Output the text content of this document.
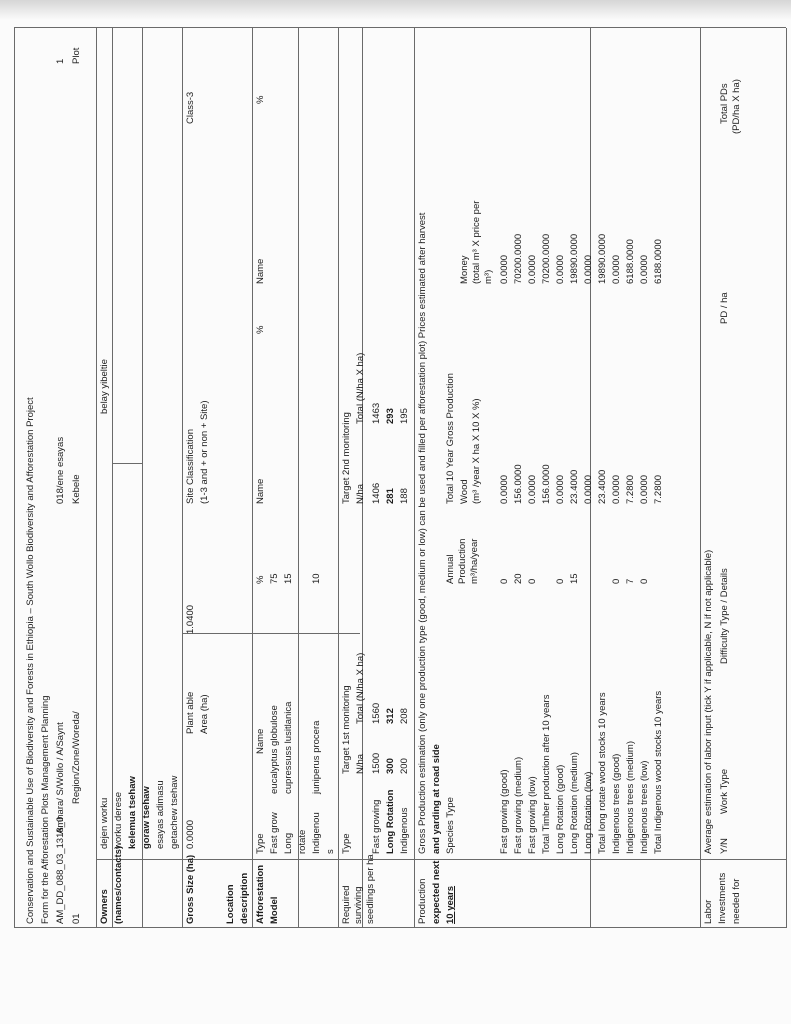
Conservation and Sustainable Use of Biodiversity and Forests in Ethiopia – South Wollo Biodiversity and Afforestation Project Form for the Afforestation Plots Management Planning AM_DD_088_03_1318_0
Amhara/ S/Wollo / A/Saynt
018/ene esayas
1
01
Region/Zone/Woreda/
Kebele
Plot
Owners (names/contacts)
dejen worku worku derese kelemua tsehaw goraw tsehaw esayas adimasu getachew tsehaw
belay yibeltie
Gross Size (ha)
0.0000
Plant able Area (ha)
1.0400
Site Classification (1-3 and + or non + Site)
Class-3
Location description Afforestation Model
Type
Name
%
Name
%
Name
%
Fast grow
eucalyptus globulose
75
Long
cupressuss lusitlanica
15
rotate Indigenou
juniperus procera
10
s
Required surviving seedlings per ha
Type
Target 1st monitoring
Target 2nd monitoring
N/ha
Total (N/ha X ha)
N/ha
Total (N/ha X ha)
Fast growing
1500
1560
1406
1463
Long Rotation
300
312
281
293
Indigenous
200
208
188
195
Production expected next 10 years
Gross Production estimation (only one production type (good, medium or low) can be used and filled per afforestation plot) Prices estimated after harvest and yarding at road side Species Type
Annual Production m³/ha/year
Total 10 Year Gross Production Wood (m³ /year X ha X 10 X %)
Money (total m³ X price per m³)
Fast growing (good)
0
0.0000
0.0000
Fast growing (medium)
20
156.0000
70200.0000
Fast growing (low)
0
0.0000
0.0000
Total Timber production after 10 years
156.0000
70200.0000
Long Rotation (good)
0
0.0000
0.0000
Long Rotation (medium)
15
23.4000
19890.0000
Long Rotation (low)
0.0000
0.0000
Total long rotate wood stocks 10 years
23.4000
19890.0000
Indigenous trees (good)
0
0.0000
0.0000
Indigenous trees (medium)
7
7.2800
6188.0000
Indigenous trees (low)
0
0.0000
0.0000
Total Indigenous wood stocks 10 years
7.2800
6188.0000
Labor Investments needed for
Average estimation of labor input (tick Y if applicable, N if not applicable) Y/N
Work Type
Difficulty Type / Details
PD / ha
Total PDs (PD/ha X ha)
